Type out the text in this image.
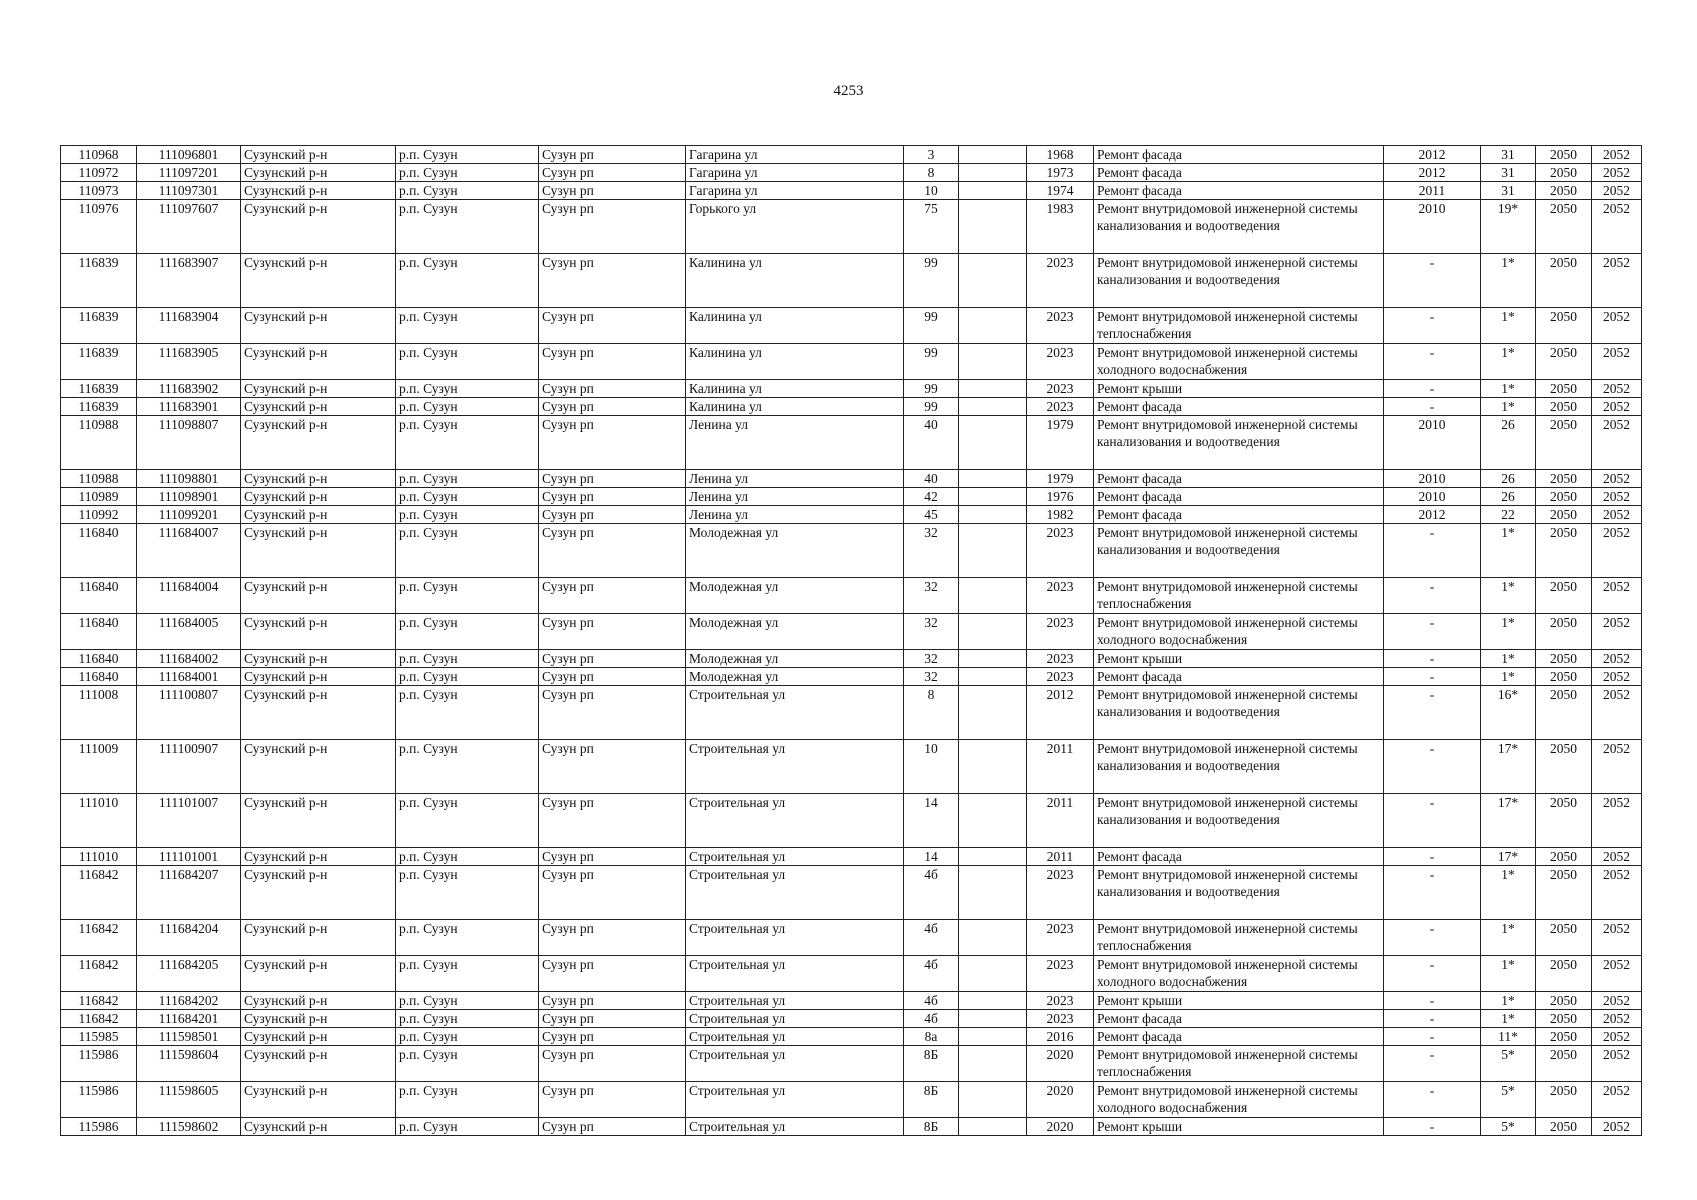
4253
110968	111096801	Сузунский р-н	р.п. Сузун	Сузун рп	Гагарина ул	3		1968	Ремонт фасада	2012	31	2050	2052
110972	111097201	Сузунский р-н	р.п. Сузун	Сузун рп	Гагарина ул	8		1973	Ремонт фасада	2012	31	2050	2052
110973	111097301	Сузунский р-н	р.п. Сузун	Сузун рп	Гагарина ул	10		1974	Ремонт фасада	2011	31	2050	2052
110976	111097607	Сузунский р-н	р.п. Сузун	Сузун рп	Горького ул	75		1983	Ремонт внутридомовой инженерной системы канализования и водоотведения	2010	19*	2050	2052
116839	111683907	Сузунский р-н	р.п. Сузун	Сузун рп	Калинина ул	99		2023	Ремонт внутридомовой инженерной системы канализования и водоотведения	-	1*	2050	2052
116839	111683904	Сузунский р-н	р.п. Сузун	Сузун рп	Калинина ул	99		2023	Ремонт внутридомовой инженерной системы теплоснабжения	-	1*	2050	2052
116839	111683905	Сузунский р-н	р.п. Сузун	Сузун рп	Калинина ул	99		2023	Ремонт внутридомовой инженерной системы холодного водоснабжения	-	1*	2050	2052
116839	111683902	Сузунский р-н	р.п. Сузун	Сузун рп	Калинина ул	99		2023	Ремонт крыши	-	1*	2050	2052
116839	111683901	Сузунский р-н	р.п. Сузун	Сузун рп	Калинина ул	99		2023	Ремонт фасада	-	1*	2050	2052
110988	111098807	Сузунский р-н	р.п. Сузун	Сузун рп	Ленина ул	40		1979	Ремонт внутридомовой инженерной системы канализования и водоотведения	2010	26	2050	2052
110988	111098801	Сузунский р-н	р.п. Сузун	Сузун рп	Ленина ул	40		1979	Ремонт фасада	2010	26	2050	2052
110989	111098901	Сузунский р-н	р.п. Сузун	Сузун рп	Ленина ул	42		1976	Ремонт фасада	2010	26	2050	2052
110992	111099201	Сузунский р-н	р.п. Сузун	Сузун рп	Ленина ул	45		1982	Ремонт фасада	2012	22	2050	2052
116840	111684007	Сузунский р-н	р.п. Сузун	Сузун рп	Молодежная ул	32		2023	Ремонт внутридомовой инженерной системы канализования и водоотведения	-	1*	2050	2052
116840	111684004	Сузунский р-н	р.п. Сузун	Сузун рп	Молодежная ул	32		2023	Ремонт внутридомовой инженерной системы теплоснабжения	-	1*	2050	2052
116840	111684005	Сузунский р-н	р.п. Сузун	Сузун рп	Молодежная ул	32		2023	Ремонт внутридомовой инженерной системы холодного водоснабжения	-	1*	2050	2052
116840	111684002	Сузунский р-н	р.п. Сузун	Сузун рп	Молодежная ул	32		2023	Ремонт крыши	-	1*	2050	2052
116840	111684001	Сузунский р-н	р.п. Сузун	Сузун рп	Молодежная ул	32		2023	Ремонт фасада	-	1*	2050	2052
111008	111100807	Сузунский р-н	р.п. Сузун	Сузун рп	Строительная ул	8		2012	Ремонт внутридомовой инженерной системы канализования и водоотведения	-	16*	2050	2052
111009	111100907	Сузунский р-н	р.п. Сузун	Сузун рп	Строительная ул	10		2011	Ремонт внутридомовой инженерной системы канализования и водоотведения	-	17*	2050	2052
111010	111101007	Сузунский р-н	р.п. Сузун	Сузун рп	Строительная ул	14		2011	Ремонт внутридомовой инженерной системы канализования и водоотведения	-	17*	2050	2052
111010	111101001	Сузунский р-н	р.п. Сузун	Сузун рп	Строительная ул	14		2011	Ремонт фасада	-	17*	2050	2052
116842	111684207	Сузунский р-н	р.п. Сузун	Сузун рп	Строительная ул	4б		2023	Ремонт внутридомовой инженерной системы канализования и водоотведения	-	1*	2050	2052
116842	111684204	Сузунский р-н	р.п. Сузун	Сузун рп	Строительная ул	4б		2023	Ремонт внутридомовой инженерной системы теплоснабжения	-	1*	2050	2052
116842	111684205	Сузунский р-н	р.п. Сузун	Сузун рп	Строительная ул	4б		2023	Ремонт внутридомовой инженерной системы холодного водоснабжения	-	1*	2050	2052
116842	111684202	Сузунский р-н	р.п. Сузун	Сузун рп	Строительная ул	4б		2023	Ремонт крыши	-	1*	2050	2052
116842	111684201	Сузунский р-н	р.п. Сузун	Сузун рп	Строительная ул	4б		2023	Ремонт фасада	-	1*	2050	2052
115985	111598501	Сузунский р-н	р.п. Сузун	Сузун рп	Строительная ул	8а		2016	Ремонт фасада	-	11*	2050	2052
115986	111598604	Сузунский р-н	р.п. Сузун	Сузун рп	Строительная ул	8Б		2020	Ремонт внутридомовой инженерной системы теплоснабжения	-	5*	2050	2052
115986	111598605	Сузунский р-н	р.п. Сузун	Сузун рп	Строительная ул	8Б		2020	Ремонт внутридомовой инженерной системы холодного водоснабжения	-	5*	2050	2052
115986	111598602	Сузунский р-н	р.п. Сузун	Сузун рп	Строительная ул	8Б		2020	Ремонт крыши	-	5*	2050	2052
